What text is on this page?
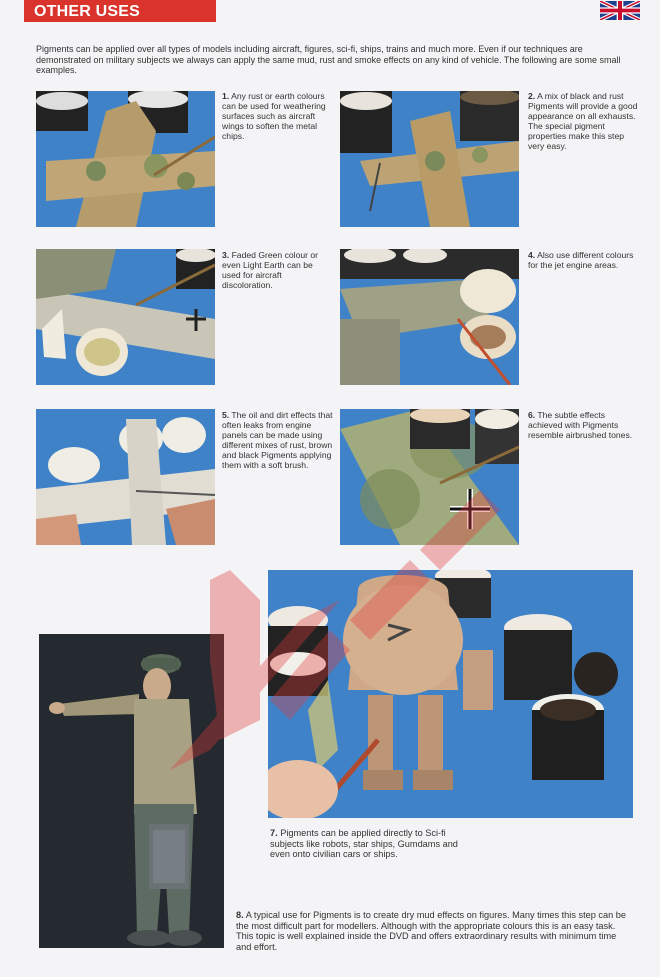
OTHER USES

Pigments can be applied over all types of models including aircraft, figures, sci-fi, ships, trains and much more. Even if our techniques are demonstrated on military subjects we always can apply the same mud, rust and smoke effects on any kind of vehicle. The following are some small examples.

1. Any rust or earth colours can be used for weathering surfaces such as aircraft wings to soften the metal chips.
2. A mix of black and rust Pigments will provide a good appearance on all exhausts. The special pigment properties make this step very easy.
3. Faded Green colour or even Light Earth can be used for aircraft discoloration.
4. Also use different colours for the jet engine areas.
5. The oil and dirt effects that often leaks from engine panels can be made using different mixes of rust, brown and black Pigments applying them with a soft brush.
6. The subtle effects achieved with Pigments resemble airbrushed tones.
7. Pigments can be applied directly to Sci-fi subjects like robots, star ships, Gumdams and even onto civilian cars or ships.
8. A typical use for Pigments is to create dry mud effects on figures. Many times this step can be the most difficult part for modellers. Although with the appropriate colours this is an easy task. This topic is well explained inside the DVD and offers extraordinary results with minimum time and effort.
